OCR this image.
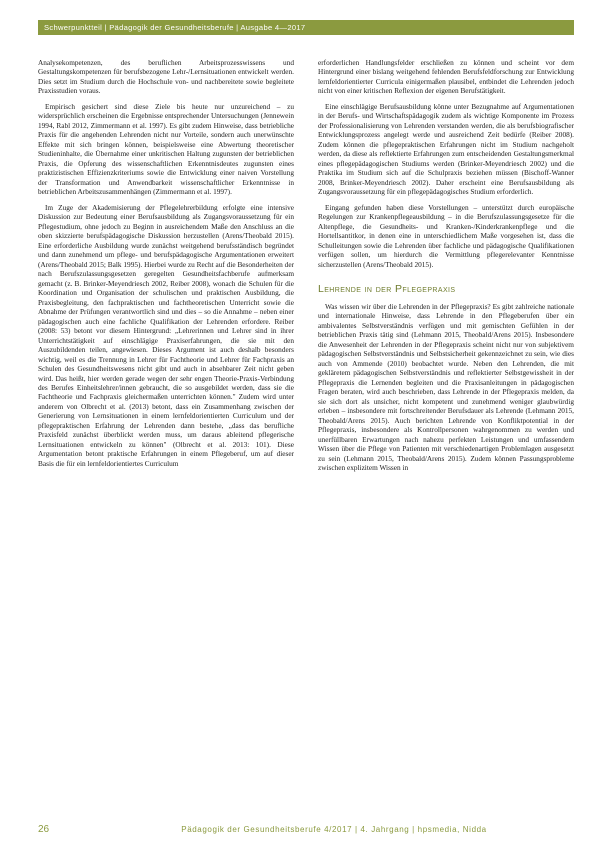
Schwerpunktteil | Pädagogik der Gesundheitsberufe | Ausgabe 4—2017

Analysekompetenzen, des beruflichen Arbeitsprozesswissens und Gestaltungskompetenzen für berufsbezogene Lehr-/Lernsituationen entwickelt werden. Dies setzt im Studium durch die Hochschule von- und nachbereitete sowie begleitete Praxisstudien voraus.

Empirisch gesichert sind diese Ziele bis heute nur unzureichend – zu widersprüchlich erscheinen die Ergebnisse entsprechender Untersuchungen (Jennewein 1994, Rabl 2012, Zimmermann et al. 1997). Es gibt zudem Hinweise, dass betriebliche Praxis für die angehenden Lehrenden nicht nur Vorteile, sondern auch unerwünschte Effekte mit sich bringen können, beispielsweise eine Abwertung theoretischer Studieninhalte, die Übernahme einer unkritischen Haltung zugunsten der betrieblichen Praxis, die Opferung des wissenschaftlichen Erkenntnisdeutes zugunsten eines praktizistischen Effizienzkriteriums sowie die Entwicklung einer naiven Vorstellung der Transformation und Anwendbarkeit wissenschaftlicher Erkenntnisse in betrieblichen Arbeitszusammenhängen (Zimmermann et al. 1997).

Im Zuge der Akademisierung der Pflegelehrerbildung erfolgte eine intensive Diskussion zur Bedeutung einer Berufsausbildung als Zugangsvoraussetzung für ein Pflegestudium, ohne jedoch zu Beginn in ausreichendem Maße den Anschluss an die oben skizzierte berufspädagogische Diskussion herzustellen (Arens/Theobald 2015). Eine erforderliche Ausbildung wurde zunächst weitgehend berufsständisch begründet und dann zunehmend um pflege- und berufspädagogische Argumentationen erweitert (Arens/Theobald 2015; Balk 1995). Hierbei wurde zu Recht auf die Besonderheiten der nach Berufszulassungsgesetzen geregelten Gesundheitsfachberufe aufmerksam gemacht (z. B. Brinker-Meyendriesch 2002, Reiber 2008), wonach die Schulen für die Koordination und Organisation der schulischen und praktischen Ausbildung, die Praxisbegleitung, den fachpraktischen und fachtheoretischen Unterricht sowie die Abnahme der Prüfungen verantwortlich sind und dies – so die Annahme – neben einer pädagogischen auch eine fachliche Qualifikation der Lehrenden erfordere. Reiber (2008: 53) betont vor diesem Hintergrund: „Lehrerinnen und Lehrer sind in ihrer Unterrichtstätigkeit auf einschlägige Praxiserfahrungen, die sie mit den Auszubildenden teilen, angewiesen. Dieses Argument ist auch deshalb besonders wichtig, weil es die Trennung in Lehrer für Fachtheorie und Lehrer für Fachpraxis an Schulen des Gesundheitswesens nicht gibt und auch in absehbarer Zeit nicht geben wird. Das heißt, hier werden gerade wegen der sehr engen Theorie-Praxis-Verbindung des Berufes Einheitslehrer/innen gebraucht, die so ausgebildet werden, dass sie die Fachtheorie und Fachpraxis gleichermaßen unterrichten können." Zudem wird unter anderem von Olbrecht et al. (2013) betont, dass ein Zusammenhang zwischen der Generierung von Lernsituationen in einem lernfeldorientierten Curriculum und der pflegepraktischen Erfahrung der Lehrenden dann bestehe, „dass das berufliche Praxisfeld zunächst überblickt werden muss, um daraus ableitend pflegerische Lernsituationen entwickeln zu können" (Olbrecht et al. 2013: 101). Diese Argumentation betont praktische Erfahrungen in einem Pflegeberuf, um auf dieser Basis die für ein lernfeldorientiertes Curriculum

erforderlichen Handlungsfelder erschließen zu können und scheint vor dem Hintergrund einer bislang weitgehend fehlenden Berufsfeldforschung zur Entwicklung lernfeldorientierter Curricula einigermaßen plausibel, entbindet die Lehrenden jedoch nicht von einer kritischen Reflexion der eigenen Berufstätigkeit.

Eine einschlägige Berufsausbildung könne unter Bezugnahme auf Argumentationen in der Berufs- und Wirtschaftspädagogik zudem als wichtige Komponente im Prozess der Professionalisierung von Lehrenden verstanden werden, die als berufsbiografischer Entwicklungsprozess angelegt werde und ausreichend Zeit bedürfe (Reiber 2008). Zudem können die pflegepraktischen Erfahrungen nicht im Studium nachgeholt werden, da diese als reflektierte Erfahrungen zum entscheidenden Gestaltungsmerkmal eines pflegepädagogischen Studiums werden (Brinker-Meyendriesch 2002) und die Praktika im Studium sich auf die Schulpraxis beziehen müssen (Bischoff-Wanner 2008, Brinker-Meyendriesch 2002). Daher erscheint eine Berufsausbildung als Zugangsvoraussetzung für ein pflegepädagogisches Studium erforderlich.

Eingang gefunden haben diese Vorstellungen – unterstützt durch europäische Regelungen zur Krankenpflegeausbildung – in die Berufszulassungsgesetze für die Altenpflege, die Gesundheits- und Kranken-/Kinderkrankenpflege und die Hortellsantitkor, in denen eine in unterschiedlichem Maße vorgesehen ist, dass die Schulleitungen sowie die Lehrenden über fachliche und pädagogische Qualifikationen verfügen sollen, um hierdurch die Vermittlung pflegerelevanter Kenntnisse sicherzustellen (Arens/Theobald 2015).

Lehrende in der Pflegepraxis

Was wissen wir über die Lehrenden in der Pflegepraxis? Es gibt zahlreiche nationale und internationale Hinweise, dass Lehrende in den Pflegeberufen über ein ambivalentes Selbstverständnis verfügen und mit gemischten Gefühlen in der betrieblichen Praxis tätig sind (Lehmann 2015, Theobald/Arens 2015). Insbesondere die Anwesenheit der Lehrenden in der Pflegepraxis scheint nicht nur von subjektivem pädagogischen Selbstverständnis und Selbstsicherheit gekennzeichnet zu sein, wie dies auch von Ammende (2010) beobachtet wurde. Neben den Lehrenden, die mit gekläretem pädagogischen Selbstverständnis und reflektierter Selbstgewissheit in der Pflegepraxis die Lernenden begleiten und die Praxisanleitungen in pädagogischen Fragen beraten, wird auch beschrieben, dass Lehrende in der Pflegepraxis melden, da sie sich dort als unsicher, nicht kompetent und zunehmend weniger glaubwürdig erleben – insbesondere mit fortschreitender Berufsdauer als Lehrende (Lehmann 2015, Theobald/Arens 2015). Auch berichten Lehrende von Konfliktpotential in der Pflegepraxis, insbesondere als Kontrollpersonen wahrgenommen zu werden und unerfüllbaren Erwartungen nach nahezu perfekten Leistungen und umfassendem Wissen über die Pflege von Patienten mit verschiedenartigen Problemlagen ausgesetzt zu sein (Lehmann 2015, Theobald/Arens 2015). Zudem können Passungsprobleme zwischen explizitem Wissen in

26	Pädagogik der Gesundheitsberufe 4/2017 | 4. Jahrgang | hpsmedia, Nidda
